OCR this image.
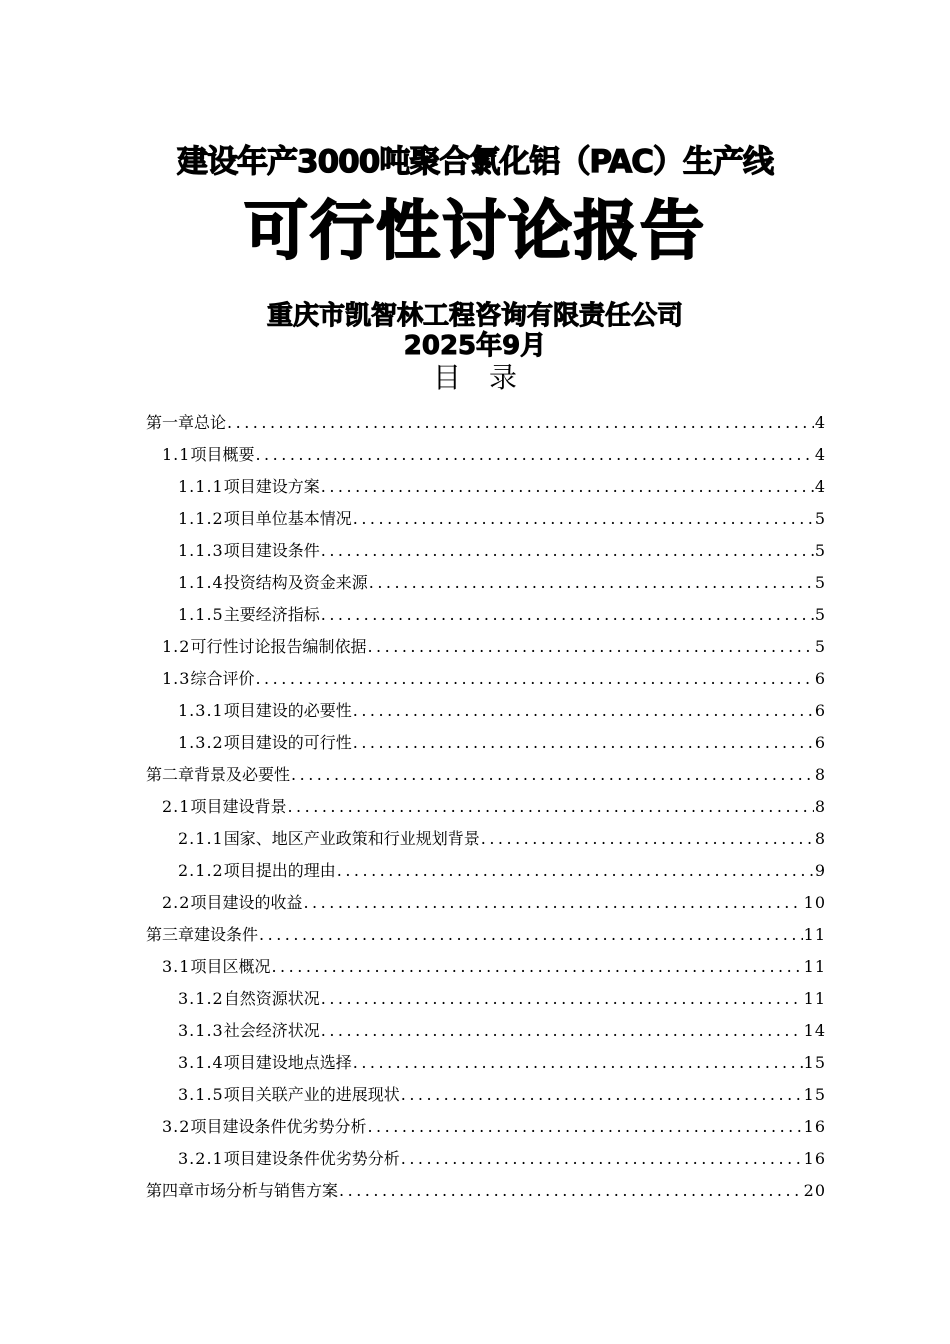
建设年产3000吨聚合氯化铝（PAC）生产线
可行性讨论报告
重庆市凯智林工程咨询有限责任公司
2025年9月
目录
第一章总论 .....	4
1.1 项目概要 .....	4
1.1.1 项目建设方案 .....	4
1.1.2 项目单位基本情况 .....	5
1.1.3 项目建设条件 .....	5
1.1.4 投资结构及资金来源 .....	5
1.1.5 主要经济指标 .....	5
1.2 可行性讨论报告编制依据 .....	5
1.3 综合评价 .....	6
1.3.1 项目建设的必要性 .....	6
1.3.2 项目建设的可行性 .....	6
第二章背景及必要性 .....	8
2.1 项目建设背景 .....	8
2.1.1 国家、地区产业政策和行业规划背景 .....	8
2.1.2 项目提出的理由 .....	9
2.2 项目建设的收益 .....	10
第三章建设条件 .....	11
3.1 项目区概况 .....	11
3.1.2 自然资源状况 .....	11
3.1.3 社会经济状况 .....	14
3.1.4 项目建设地点选择 .....	15
3.1.5 项目关联产业的进展现状 .....	15
3.2 项目建设条件优劣势分析 .....	16
3.2.1 项目建设条件优劣势分析 .....	16
第四章市场分析与销售方案 .....	20
